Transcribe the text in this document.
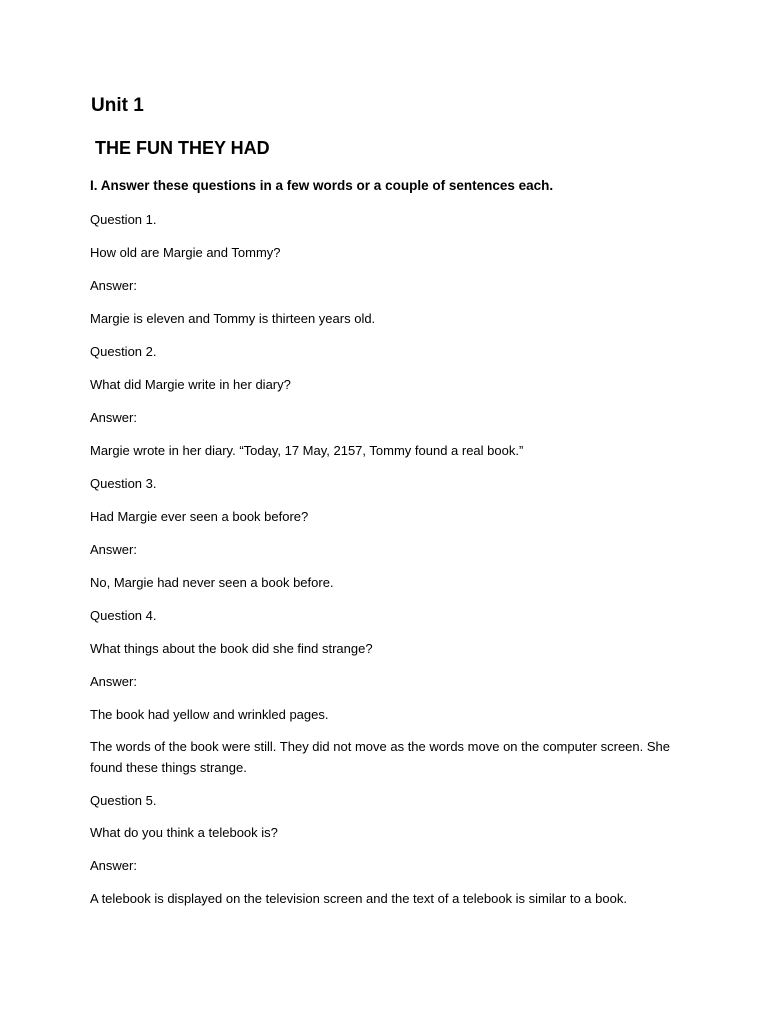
Unit 1
THE FUN THEY HAD

I. Answer these questions in a few words or a couple of sentences each.

Question 1.

How old are Margie and Tommy?

Answer:

Margie is eleven and Tommy is thirteen years old.

Question 2.

What did Margie write in her diary?

Answer:

Margie wrote in her diary. “Today, 17 May, 2157, Tommy found a real book.”

Question 3.

Had Margie ever seen a book before?

Answer:

No, Margie had never seen a book before.

Question 4.

What things about the book did she find strange?

Answer:

The book had yellow and wrinkled pages.

The words of the book were still. They did not move as the words move on the computer screen. She found these things strange.

Question 5.

What do you think a telebook is?

Answer:

A telebook is displayed on the television screen and the text of a telebook is similar to a book.
